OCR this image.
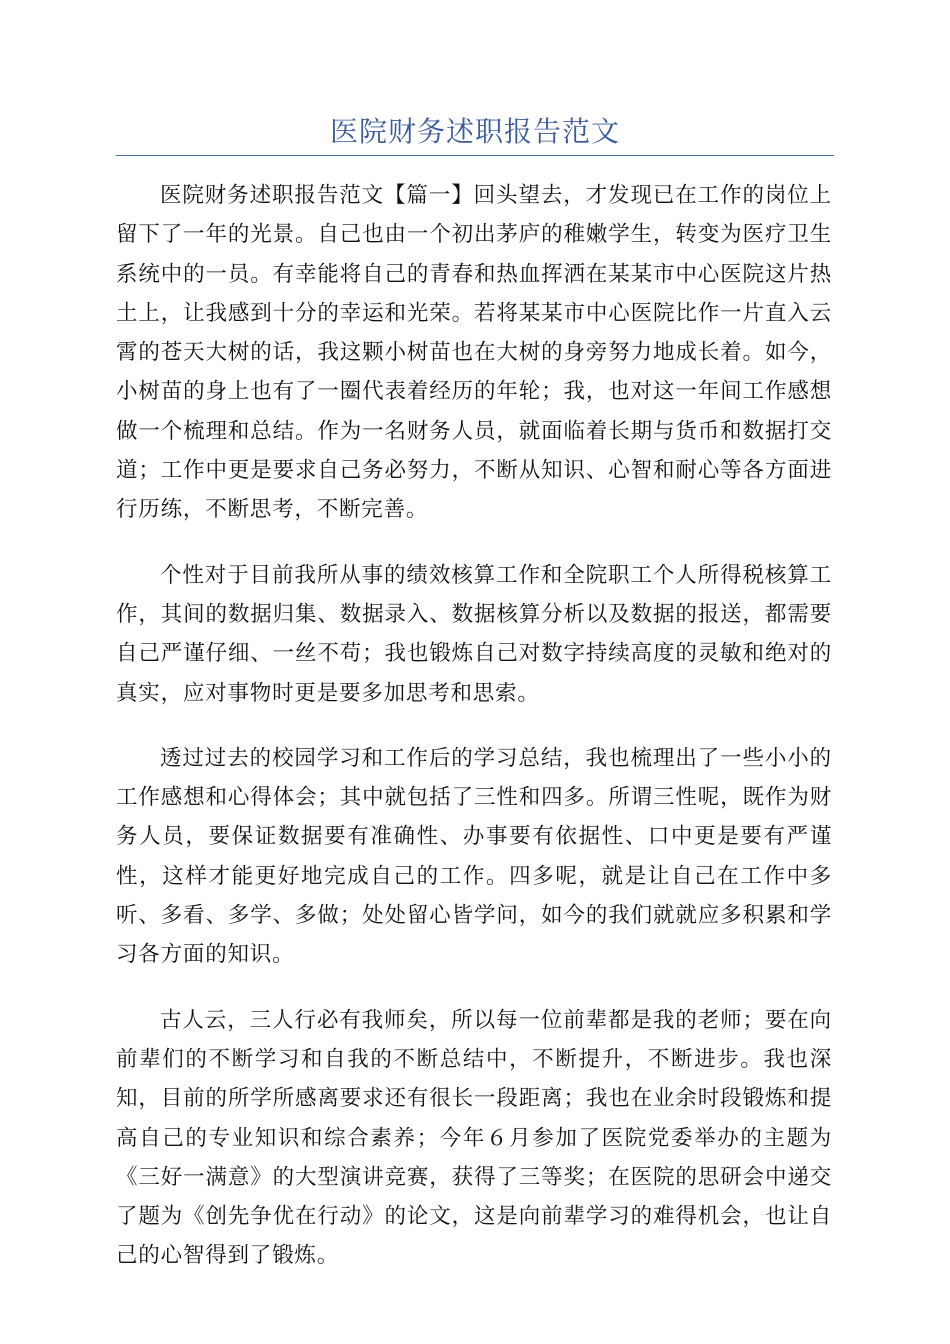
医院财务述职报告范文

医院财务述职报告范文【篇一】回头望去，才发现已在工作的岗位上留下了一年的光景。自己也由一个初出茅庐的稚嫩学生，转变为医疗卫生系统中的一员。有幸能将自己的青春和热血挥洒在某某市中心医院这片热土上，让我感到十分的幸运和光荣。若将某某市中心医院比作一片直入云霄的苍天大树的话，我这颗小树苗也在大树的身旁努力地成长着。如今，小树苗的身上也有了一圈代表着经历的年轮；我，也对这一年间工作感想做一个梳理和总结。作为一名财务人员，就面临着长期与货币和数据打交道；工作中更是要求自己务必努力，不断从知识、心智和耐心等各方面进行历练，不断思考，不断完善。

个性对于目前我所从事的绩效核算工作和全院职工个人所得税核算工作，其间的数据归集、数据录入、数据核算分析以及数据的报送，都需要自己严谨仔细、一丝不苟；我也锻炼自己对数字持续高度的灵敏和绝对的真实，应对事物时更是要多加思考和思索。

透过过去的校园学习和工作后的学习总结，我也梳理出了一些小小的工作感想和心得体会；其中就包括了三性和四多。所谓三性呢，既作为财务人员，要保证数据要有准确性、办事要有依据性、口中更是要有严谨性，这样才能更好地完成自己的工作。四多呢，就是让自己在工作中多听、多看、多学、多做；处处留心皆学问，如今的我们就就应多积累和学习各方面的知识。

古人云，三人行必有我师矣，所以每一位前辈都是我的老师；要在向前辈们的不断学习和自我的不断总结中，不断提升，不断进步。我也深知，目前的所学所感离要求还有很长一段距离；我也在业余时段锻炼和提高自己的专业知识和综合素养；今年６月参加了医院党委举办的主题为《三好一满意》的大型演讲竞赛，获得了三等奖；在医院的思研会中递交了题为《创先争优在行动》的论文，这是向前辈学习的难得机会，也让自己的心智得到了锻炼。
